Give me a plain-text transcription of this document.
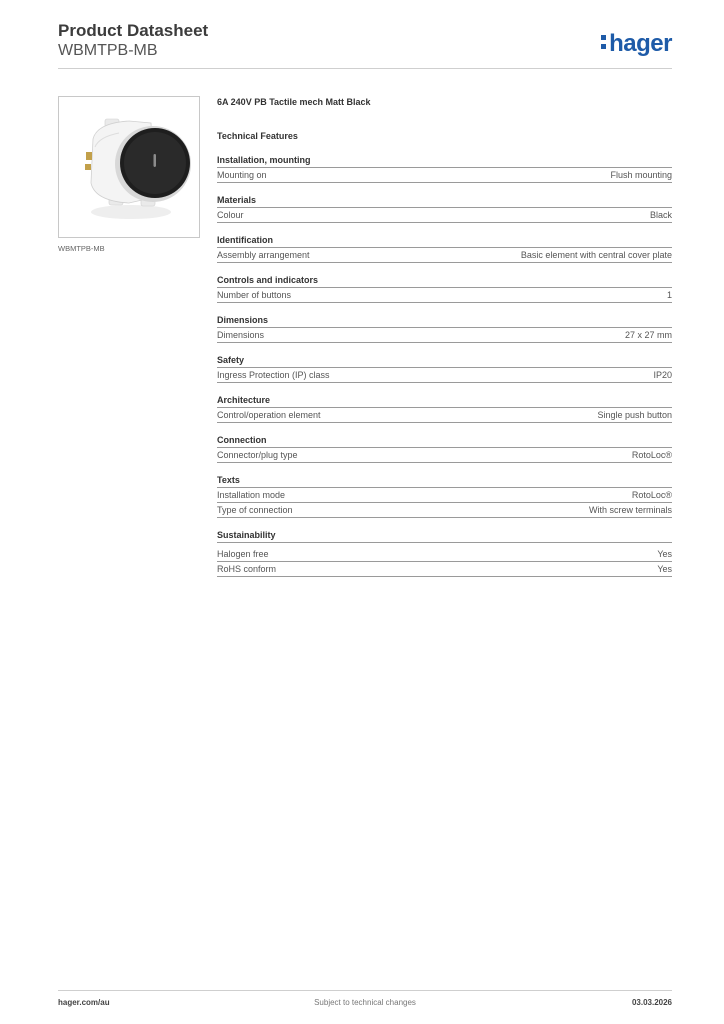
Product Datasheet
WBMTPB-MB	hager
WBMTPB-MB
6A 240V PB Tactile mech Matt Black
Technical Features
Installation, mounting
Mounting on	Flush mounting
Materials
Colour	Black
Identification
Assembly arrangement	Basic element with central cover plate
Controls and indicators
Number of buttons	1
Dimensions
Dimensions	27 x 27 mm
Safety
Ingress Protection (IP) class	IP20
Architecture
Control/operation element	Single push button
Connection
Connector/plug type	RotoLoc®
Texts
Installation mode	RotoLoc®
Type of connection	With screw terminals
Sustainability
Halogen free	Yes
RoHS conform	Yes
hager.com/au	Subject to technical changes	03.03.2026
